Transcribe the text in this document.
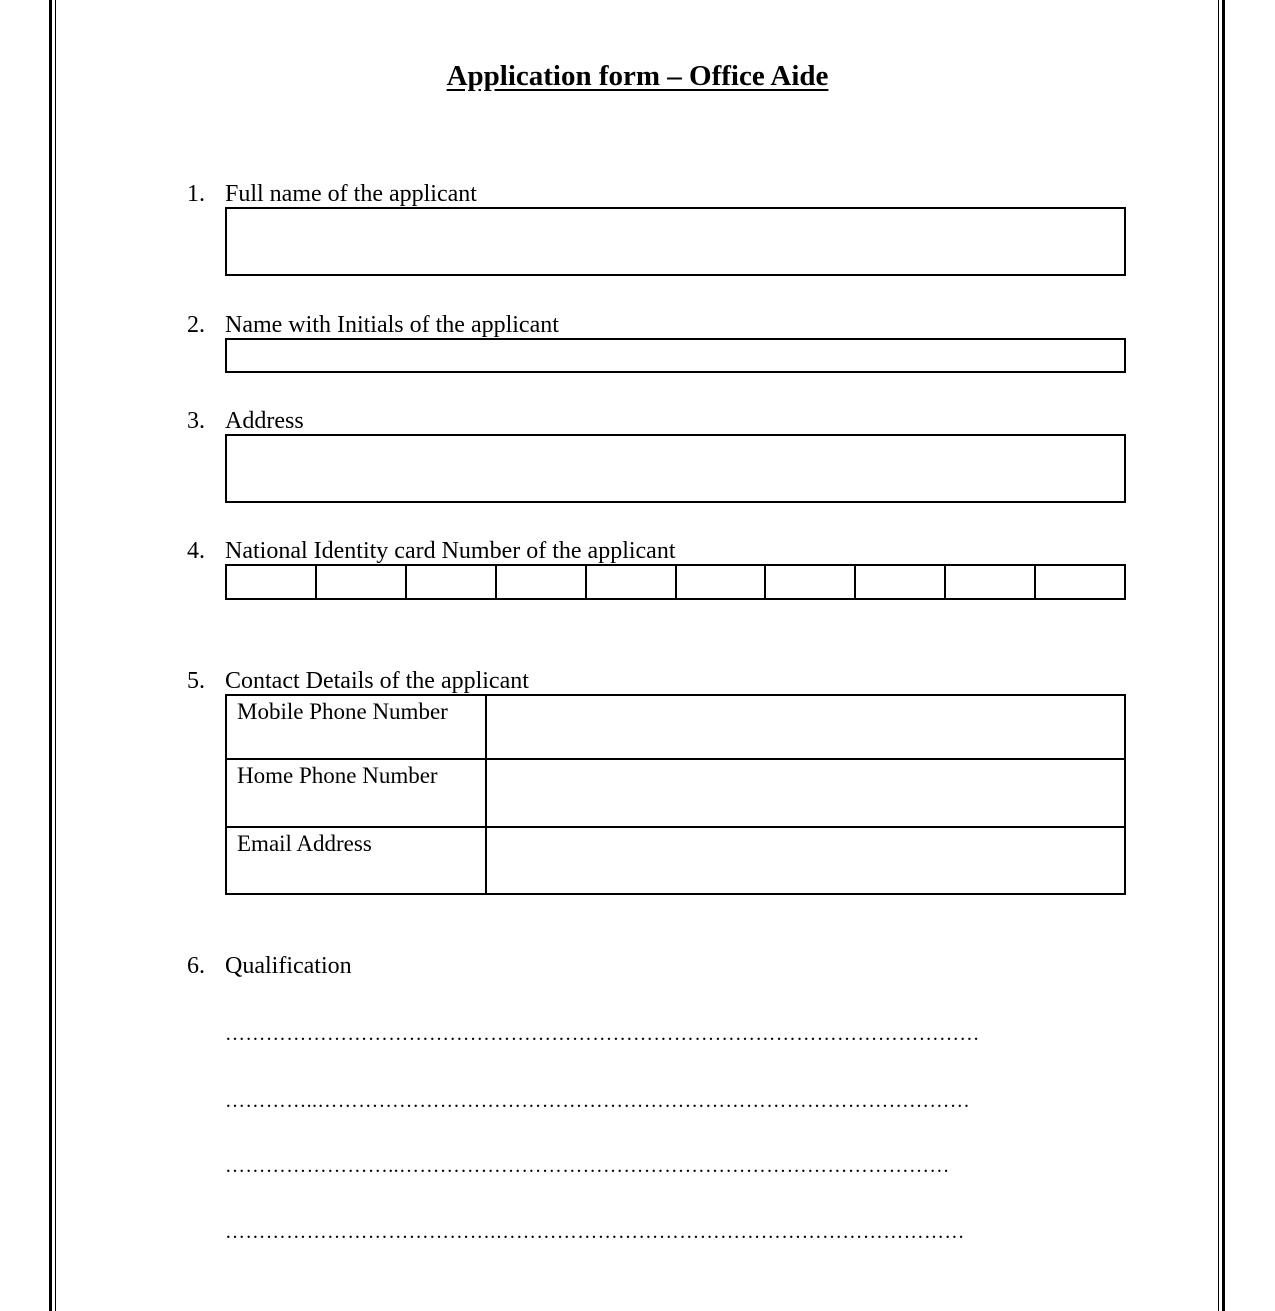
Application form – Office Aide
1. Full name of the applicant
2. Name with Initials of the applicant
3. Address
4. National Identity card Number of the applicant
5. Contact Details of the applicant
Mobile Phone Number	
Home Phone Number	
Email Address	
6. Qualification
…………………………………………………………………………………………………
…………..……………………………………………………………………………………
……………………..………………………………………………………………………
………………………………….……………………………………………………………
